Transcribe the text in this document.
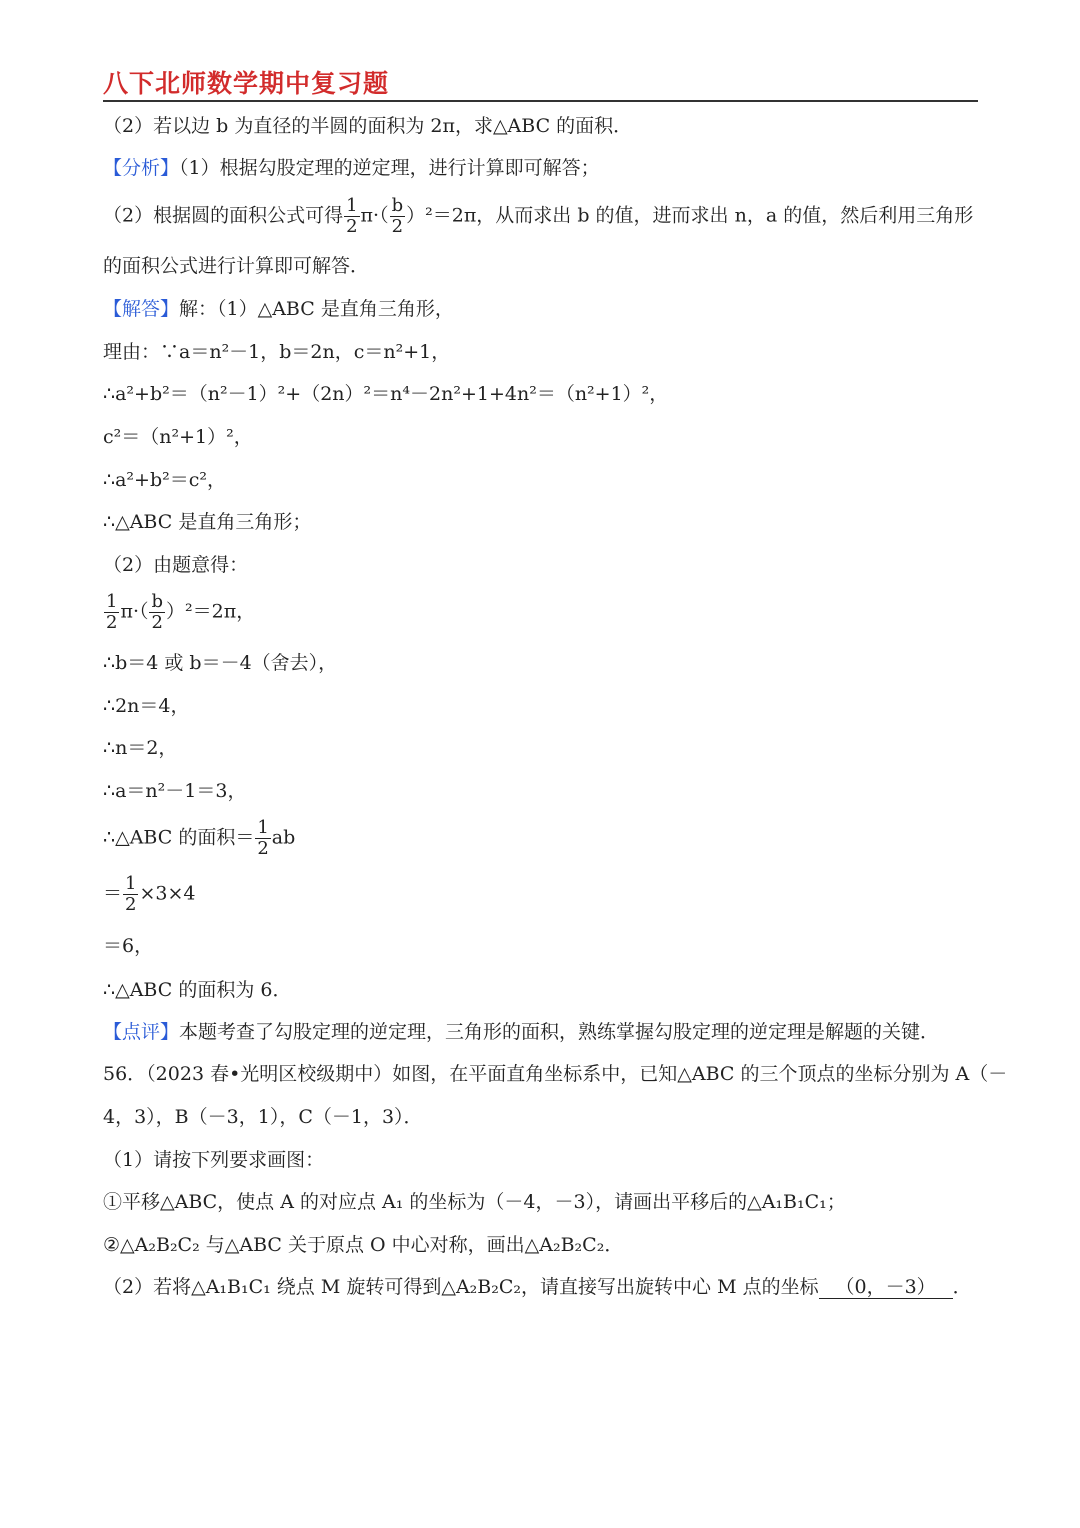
八下北师数学期中复习题
（2）若以边 b 为直径的半圆的面积为 2π，求△ABC 的面积．
【分析】（1）根据勾股定理的逆定理，进行计算即可解答；
（2）根据圆的面积公式可得 $\frac{1}{2} \pi\cdot( \frac{b}{2} )^2=2\pi$，从而求出 b 的值，进而求出 n，a 的值，然后利用三角形
的面积公式进行计算即可解答．
【解答】解：（1）△ABC 是直角三角形，
理由：∵a＝n²－1，b＝2n，c＝n²+1，
∴a²+b²＝（n²－1）²+（2n）²＝n⁴－2n²+1+4n²＝（n²+1）²，
c²＝（n²+1）²，
∴a²+b²＝c²，
∴△ABC 是直角三角形；
（2）由题意得：
$\frac{1}{2} \pi\cdot( \frac{b}{2} )^2=2\pi$，
∴b＝4 或 b＝－4（舍去），
∴2n＝4，
∴n＝2，
∴a＝n²－1＝3，
∴△ABC 的面积＝ $\frac{1}{2}$ ab
＝ $\frac{1}{2} \times 3\times 4$
＝6，
∴△ABC 的面积为 6．
【点评】本题考查了勾股定理的逆定理，三角形的面积，熟练掌握勾股定理的逆定理是解题的关键．
56．（2023 春•光明区校级期中）如图，在平面直角坐标系中，已知△ABC 的三个顶点的坐标分别为 A（－
4，3），B（－3，1），C（－1，3）．
（1）请按下列要求画图：
①平移△ABC，使点 A 的对应点 A₁ 的坐标为（－4，－3），请画出平移后的△A₁B₁C₁；
②△A₂B₂C₂ 与△ABC 关于原点 O 中心对称，画出△A₂B₂C₂．
（2）若将△A₁B₁C₁ 绕点 M 旋转可得到△A₂B₂C₂，请直接写出旋转中心 M 点的坐标 （0，－3） ．
